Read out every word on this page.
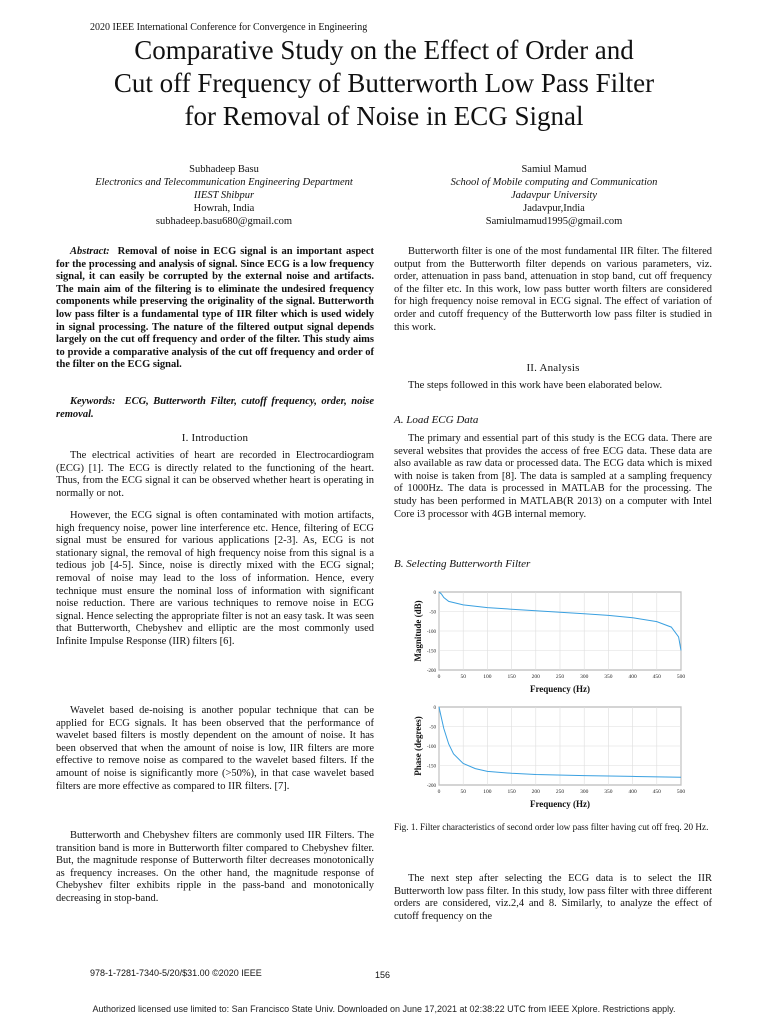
2020 IEEE International Conference for Convergence in Engineering
Comparative Study on the Effect of Order and
Cut off Frequency of Butterworth Low Pass Filter
for Removal of Noise in ECG Signal
Subhadeep Basu
Electronics and Telecommunication Engineering Department
IIEST Shibpur
Howrah, India
subhadeep.basu680@gmail.com
Samiul Mamud
School of Mobile computing and Communication
Jadavpur University
Jadavpur,India
Samiulmamud1995@gmail.com

Abstract: Removal of noise in ECG signal is an important aspect for the processing and analysis of signal. Since ECG is a low frequency signal, it can easily be corrupted by the external noise and artifacts. The main aim of the filtering is to eliminate the undesired frequency components while preserving the originality of the signal. Butterworth low pass filter is a fundamental type of IIR filter which is used widely in signal processing. The nature of the filtered output signal depends largely on the cut off frequency and order of the filter. This study aims to provide a comparative analysis of the cut off frequency and order of the filter on the ECG signal.

Keywords: ECG, Butterworth Filter, cutoff frequency, order, noise removal.

I. Introduction

The electrical activities of heart are recorded in Electrocardiogram (ECG) [1]. The ECG is directly related to the functioning of the heart. Thus, from the ECG signal it can be observed whether heart is operating in normally or not.

However, the ECG signal is often contaminated with motion artifacts, high frequency noise, power line interference etc. Hence, filtering of ECG signal must be ensured for various applications [2-3]. As, ECG is not stationary signal, the removal of high frequency noise from this signal is a tedious job [4-5]. Since, noise is directly mixed with the ECG signal; removal of noise may lead to the loss of information. Hence, every technique must ensure the nominal loss of information with significant noise reduction. There are various techniques to remove noise in ECG signal. Hence selecting the appropriate filter is not an easy task. It was seen that Butterworth, Chebyshev and elliptic are the most commonly used Infinite Impulse Response (IIR) filters [6].

Wavelet based de-noising is another popular technique that can be applied for ECG signals. It has been observed that the performance of wavelet based filters is mostly dependent on the amount of noise. It has been observed that when the amount of noise is low, IIR filters are more effective to remove noise as compared to the wavelet based filters. If the amount of noise is significantly more (>50%), in that case wavelet based filters are more effective as compared to IIR filters. [7].

Butterworth and Chebyshev filters are commonly used IIR Filters. The transition band is more in Butterworth filter compared to Chebyshev filter. But, the magnitude response of Butterworth filter decreases monotonically as frequency increases. On the other hand, the magnitude response of Chebyshev filter exhibits ripple in the pass-band and monotonically decreasing in stop-band.

Butterworth filter is one of the most fundamental IIR filter. The filtered output from the Butterworth filter depends on various parameters, viz. order, attenuation in pass band, attenuation in stop band, cut off frequency of the filter etc. In this work, low pass butter worth filters are considered for high frequency noise removal in ECG signal. The effect of variation of order and cutoff frequency of the Butterworth low pass filter is studied in this work.

II. Analysis

The steps followed in this work have been elaborated below.

A. Load ECG Data

The primary and essential part of this study is the ECG data. There are several websites that provides the access of free ECG data. These data are also available as raw data or processed data. The ECG data which is mixed with noise is taken from [8]. The data is sampled at a sampling frequency of 1000Hz. The data is processed in MATLAB for the processing. The study has been performed in MATLAB(R 2013) on a computer with Intel Core i3 processor with 4GB internal memory.

B. Selecting Butterworth Filter
0	50	100	150	200	250	300	350	400	450	500
0
-50
-100
-150
-200
Frequency (Hz)
Magnitude (dB)
0	50	100	150	200	250	300	350	400	450	500
0
-50
-100
-150
-200
Frequency (Hz)
Phase (degrees)
Fig. 1. Filter characteristics of second order low pass filter having cut off freq. 20 Hz.

The next step after selecting the ECG data is to select the IIR Butterworth low pass filter. In this study, low pass filter with three different orders are considered, viz.2,4 and 8. Similarly, to analyze the effect of cutoff frequency on the

978-1-7281-7340-5/20/$31.00 ©2020 IEEE	156
Authorized licensed use limited to: San Francisco State Univ. Downloaded on June 17,2021 at 02:38:22 UTC from IEEE Xplore. Restrictions apply.
